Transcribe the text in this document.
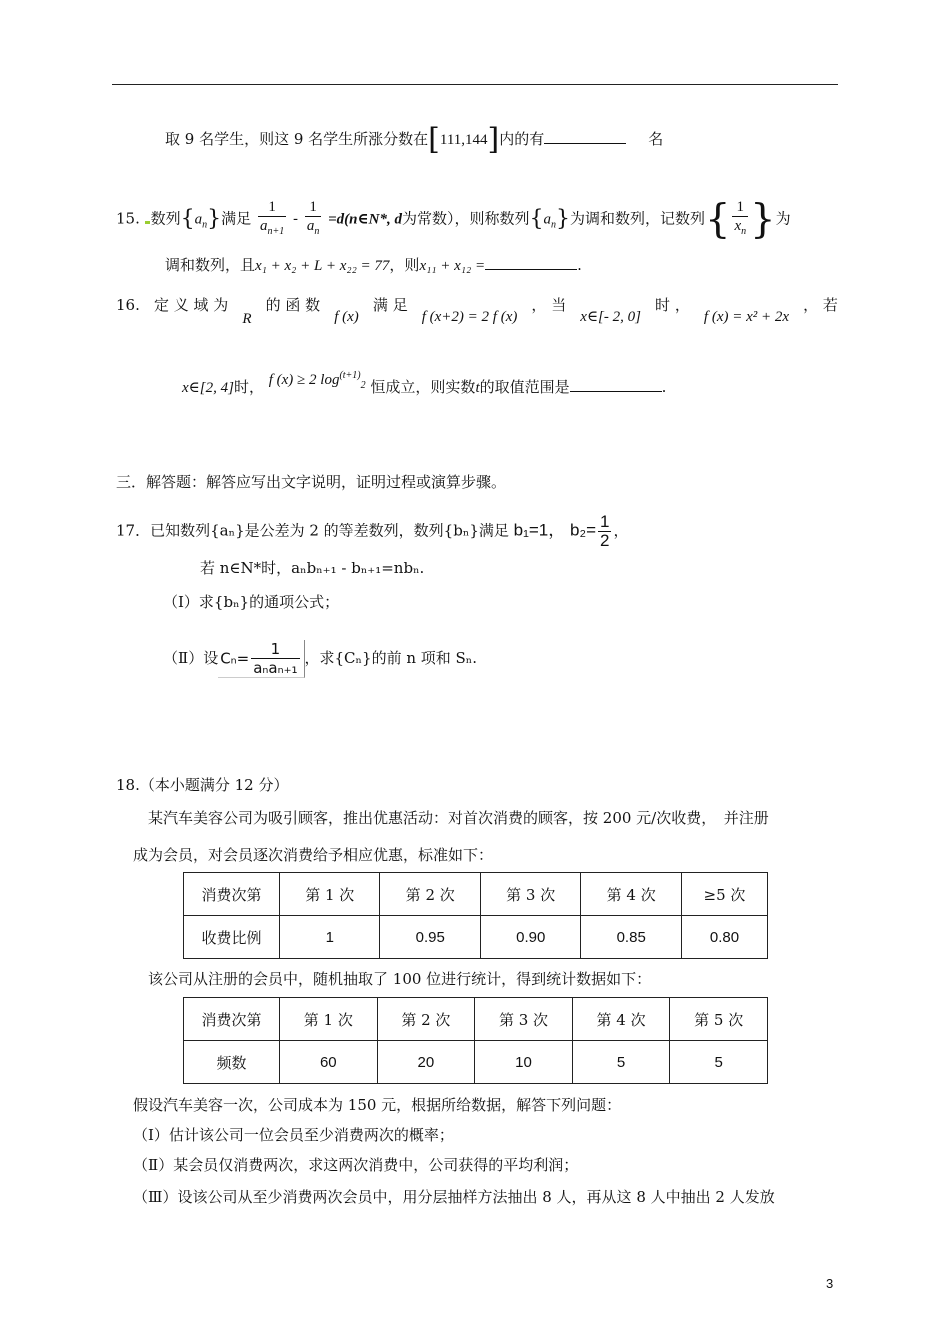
取 9 名学生，则这 9 名学生所涨分数在[111,144]内的有	名
15. 数列$\{a_n\}$满足 $\frac{1}{a_{n+1}} - \frac{1}{a_n}$ =d(n∈N*, d为常数），则称数列$\{a_n\}$为调和数列，记数列{ $\frac{1}{x_n}$ }为
调和数列，且x₁ + x₂ + L + x₂₂ = 77，则x₁₁ + x₁₂ =	.
16. 定 义 域 为
R
的 函 数
f (x)
满 足
f (x+2) = 2 f (x)
， 当
x∈[- 2, 0]
时 ，
f (x) = x² + 2x
， 若
x∈[2, 4]时， f (x) ≥ 2 $\log^{(t+1)}_2$ 恒成立，则实数t的取值范围是	.
三．解答题：解答应写出文字说明，证明过程或演算步骤。
17．已知数列{aₙ}是公差为 2 的等差数列，数列{bₙ}满足 b₁=1， $b_2= \frac{1}{2}$ ，
若 n∈N*时，aₙbₙ₊₁ - bₙ₊₁=nbₙ.
（Ⅰ）求{bₙ}的通项公式；
（Ⅱ）设 $C_n= \frac{1}{\text{aₙaₙ₊₁}}$ ，求{Cₙ}的前 n 项和 Sₙ.
18.（本小题满分 12 分）
某汽车美容公司为吸引顾客，推出优惠活动：对首次消费的顾客，按 200 元/次收费，　并注册
成为会员，对会员逐次消费给予相应优惠，标准如下：
消费次第	第 1 次	第 2 次	第 3 次	第 4 次	≥5 次
收费比例	1	0.95	0.90	0.85	0.80
该公司从注册的会员中，随机抽取了 100 位进行统计，得到统计数据如下：
消费次第	第 1 次	第 2 次	第 3 次	第 4 次	第 5 次
频数	60	20	10	5	5
假设汽车美容一次，公司成本为 150 元，根据所给数据，解答下列问题：
（Ⅰ）估计该公司一位会员至少消费两次的概率；
（Ⅱ）某会员仅消费两次，求这两次消费中，公司获得的平均利润；
（Ⅲ）设该公司从至少消费两次会员中，用分层抽样方法抽出 8 人，再从这 8 人中抽出 2 人发放
3
